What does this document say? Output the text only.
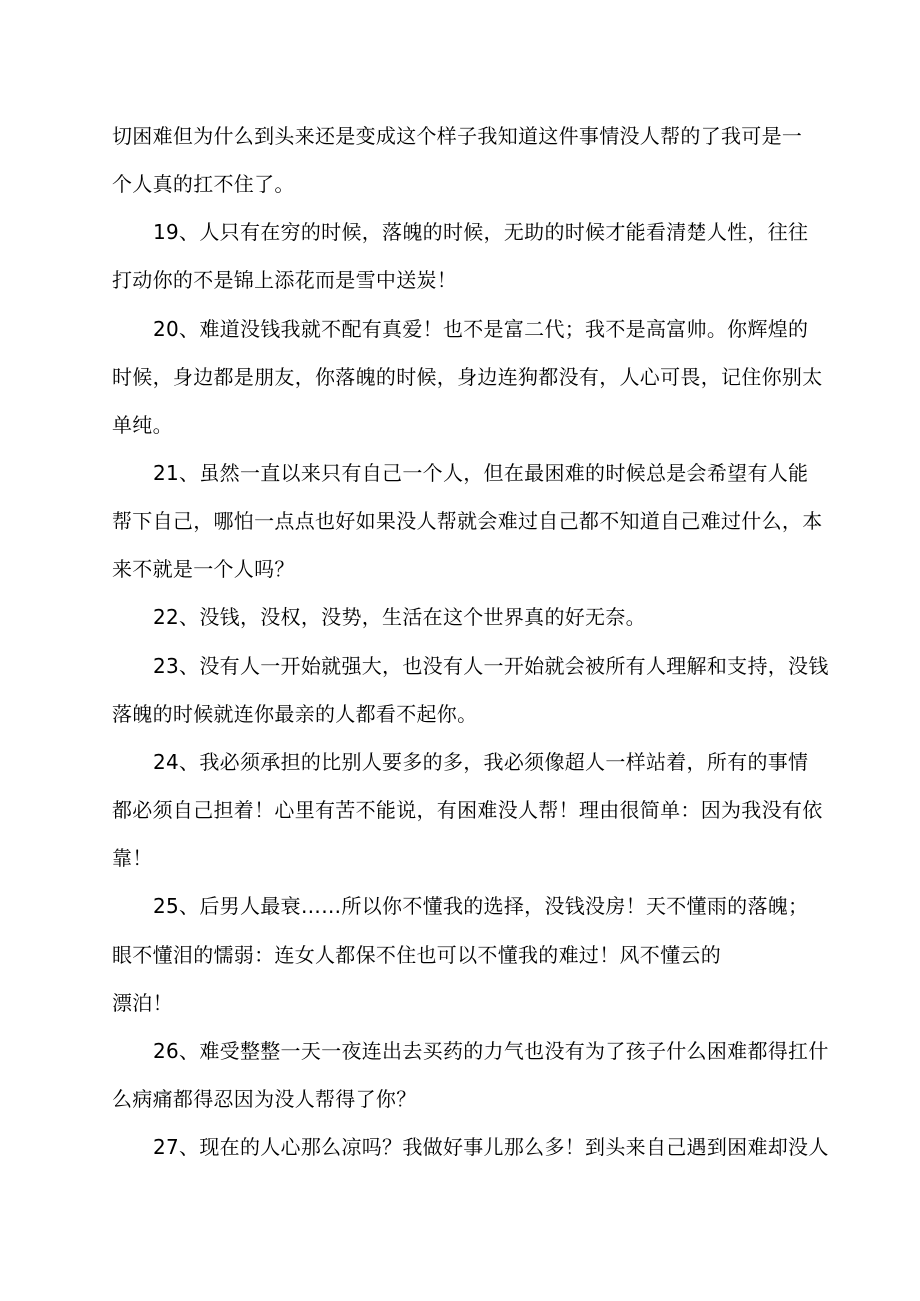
切困难但为什么到头来还是变成这个样子我知道这件事情没人帮的了我可是一
个人真的扛不住了。
19、人只有在穷的时候，落魄的时候，无助的时候才能看清楚人性，往往
打动你的不是锦上添花而是雪中送炭！
20、难道没钱我就不配有真爱！也不是富二代；我不是高富帅。你辉煌的
时候，身边都是朋友，你落魄的时候，身边连狗都没有，人心可畏，记住你别太
单纯。
21、虽然一直以来只有自己一个人，但在最困难的时候总是会希望有人能
帮下自己，哪怕一点点也好如果没人帮就会难过自己都不知道自己难过什么，本
来不就是一个人吗？
22、没钱，没权，没势，生活在这个世界真的好无奈。
23、没有人一开始就强大，也没有人一开始就会被所有人理解和支持，没钱
落魄的时候就连你最亲的人都看不起你。
24、我必须承担的比别人要多的多，我必须像超人一样站着，所有的事情
都必须自己担着！心里有苦不能说，有困难没人帮！理由很简单：因为我没有依
靠！
25、后男人最衰……所以你不懂我的选择，没钱没房！天不懂雨的落魄；
眼不懂泪的懦弱：连女人都保不住也可以不懂我的难过！风不懂云的
漂泊！
26、难受整整一天一夜连出去买药的力气也没有为了孩子什么困难都得扛什
么病痛都得忍因为没人帮得了你？
27、现在的人心那么凉吗？我做好事儿那么多！到头来自己遇到困难却没人
